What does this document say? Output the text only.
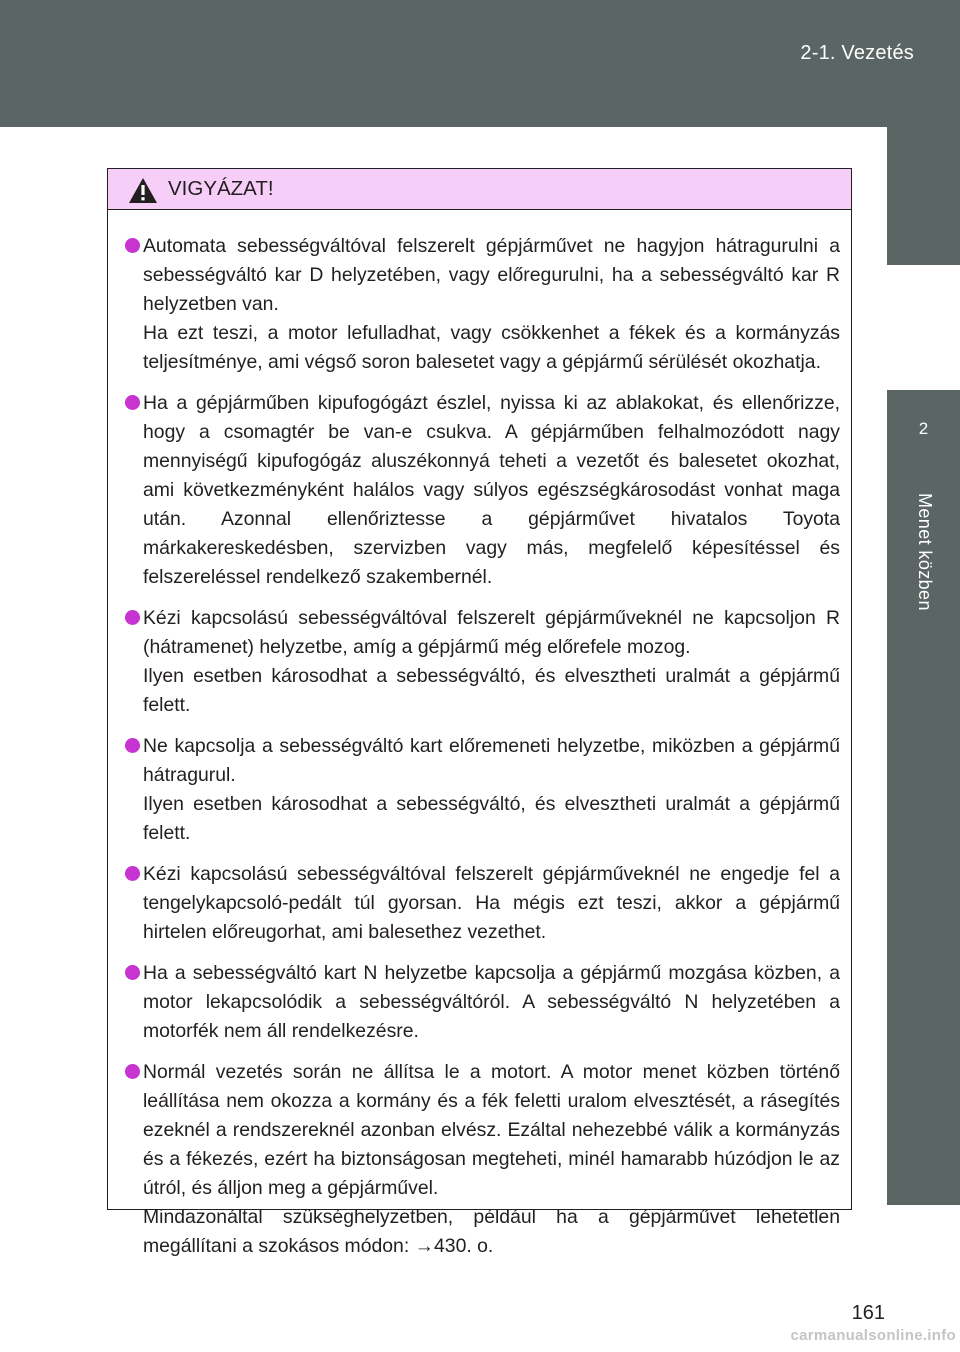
2-1. Vezetés
2
Menet közben
VIGYÁZAT!

Automata sebességváltóval felszerelt gépjárművet ne hagyjon hátragurulni a sebességváltó kar D helyzetében, vagy előregurulni, ha a sebességváltó kar R helyzetben van.

Ha ezt teszi, a motor lefulladhat, vagy csökkenhet a fékek és a kormányzás teljesítménye, ami végső soron balesetet vagy a gépjármű sérülését okozhatja.

Ha a gépjárműben kipufogógázt észlel, nyissa ki az ablakokat, és ellenőrizze, hogy a csomagtér be van-e csukva. A gépjárműben felhalmozódott nagy mennyiségű kipufogógáz aluszékonnyá teheti a vezetőt és balesetet okozhat, ami következményként halálos vagy súlyos egészségkárosodást vonhat maga után. Azonnal ellenőriztesse a gépjárművet hivatalos Toyota márkakereskedésben, szervizben vagy más, megfelelő képesítéssel és felszereléssel rendelkező szakembernél.

Kézi kapcsolású sebességváltóval felszerelt gépjárműveknél ne kapcsoljon R (hátramenet) helyzetbe, amíg a gépjármű még előrefele mozog.

Ilyen esetben károsodhat a sebességváltó, és elvesztheti uralmát a gépjármű felett.

Ne kapcsolja a sebességváltó kart előremeneti helyzetbe, miközben a gépjármű hátragurul.

Ilyen esetben károsodhat a sebességváltó, és elvesztheti uralmát a gépjármű felett.

Kézi kapcsolású sebességváltóval felszerelt gépjárműveknél ne engedje fel a tengelykapcsoló-pedált túl gyorsan. Ha mégis ezt teszi, akkor a gépjármű hirtelen előreugorhat, ami balesethez vezethet.

Ha a sebességváltó kart N helyzetbe kapcsolja a gépjármű mozgása közben, a motor lekapcsolódik a sebességváltóról. A sebességváltó N helyzetében a motorfék nem áll rendelkezésre.

Normál vezetés során ne állítsa le a motort. A motor menet közben történő leállítása nem okozza a kormány és a fék feletti uralom elvesztését, a rásegítés ezeknél a rendszereknél azonban elvész. Ezáltal nehezebbé válik a kormányzás és a fékezés, ezért ha biztonságosan megteheti, minél hamarabb húzódjon le az útról, és álljon meg a gépjárművel.

Mindazonáltal szükséghelyzetben, például ha a gépjárművet lehetetlen megállítani a szokásos módon: →430. o.

161
carmanualsonline.info
